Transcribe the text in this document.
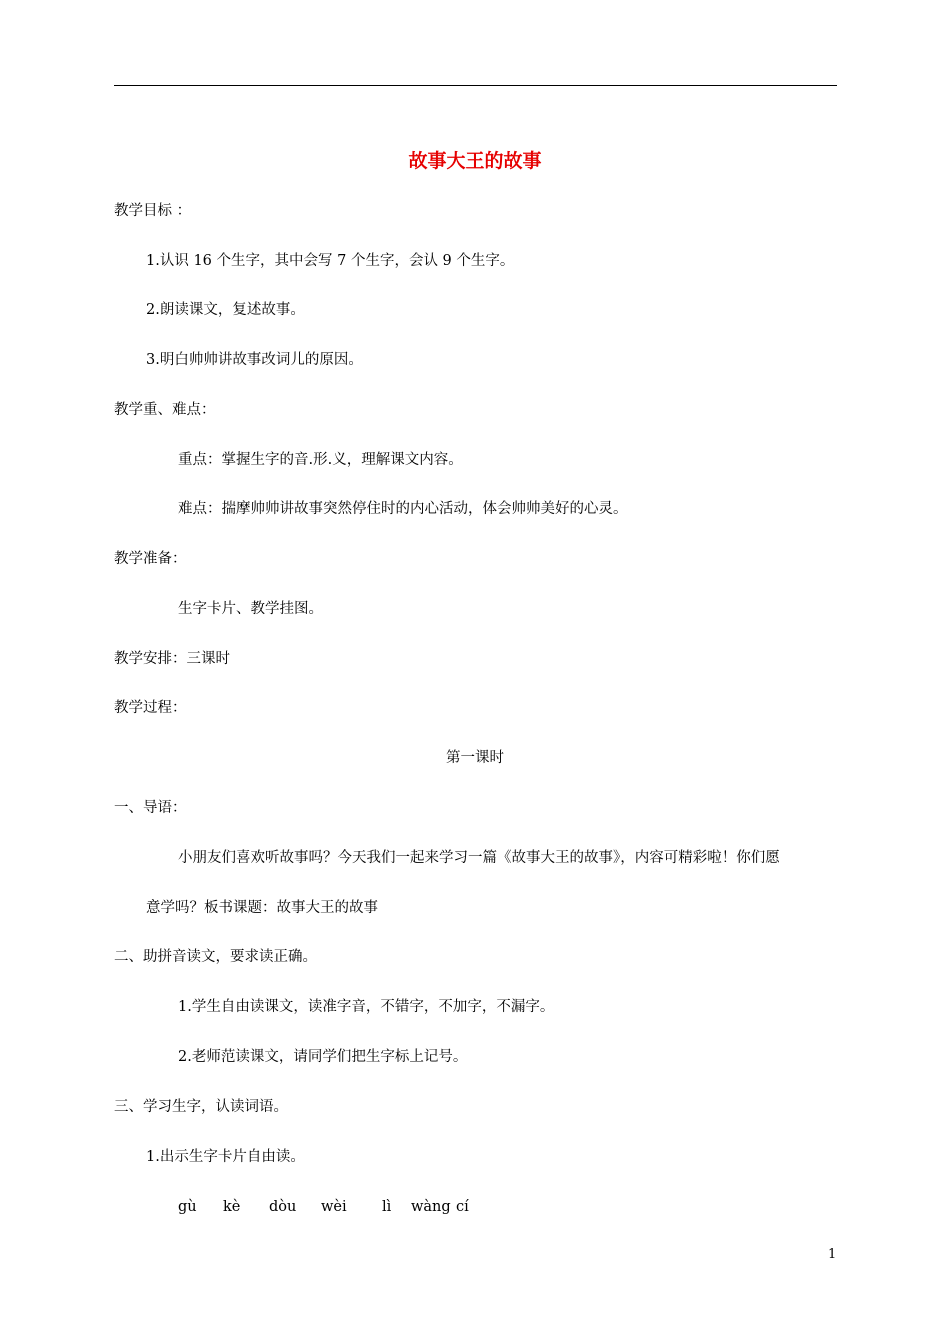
故事大王的故事
教学目标 ：
1.认识 16 个生字，其中会写 7 个生字，会认 9 个生字。
2.朗读课文，复述故事。
3.明白帅帅讲故事改词儿的原因。
教学重、难点：
重点：掌握生字的音.形.义，理解课文内容。
难点：揣摩帅帅讲故事突然停住时的内心活动，体会帅帅美好的心灵。
教学准备：
生字卡片、教学挂图。
教学安排：三课时
教学过程：
第一课时
一、导语：
小朋友们喜欢听故事吗？今天我们一起来学习一篇《故事大王的故事》，内容可精彩啦！你们愿
意学吗？板书课题：故事大王的故事
二、助拼音读文，要求读正确。
1.学生自由读课文，读准字音，不错字，不加字，不漏字。
2.老师范读课文，请同学们把生字标上记号。
三、学习生字，认读词语。
1.出示生字卡片自由读。
gù kè dòu wèi lì wàng cí
1
